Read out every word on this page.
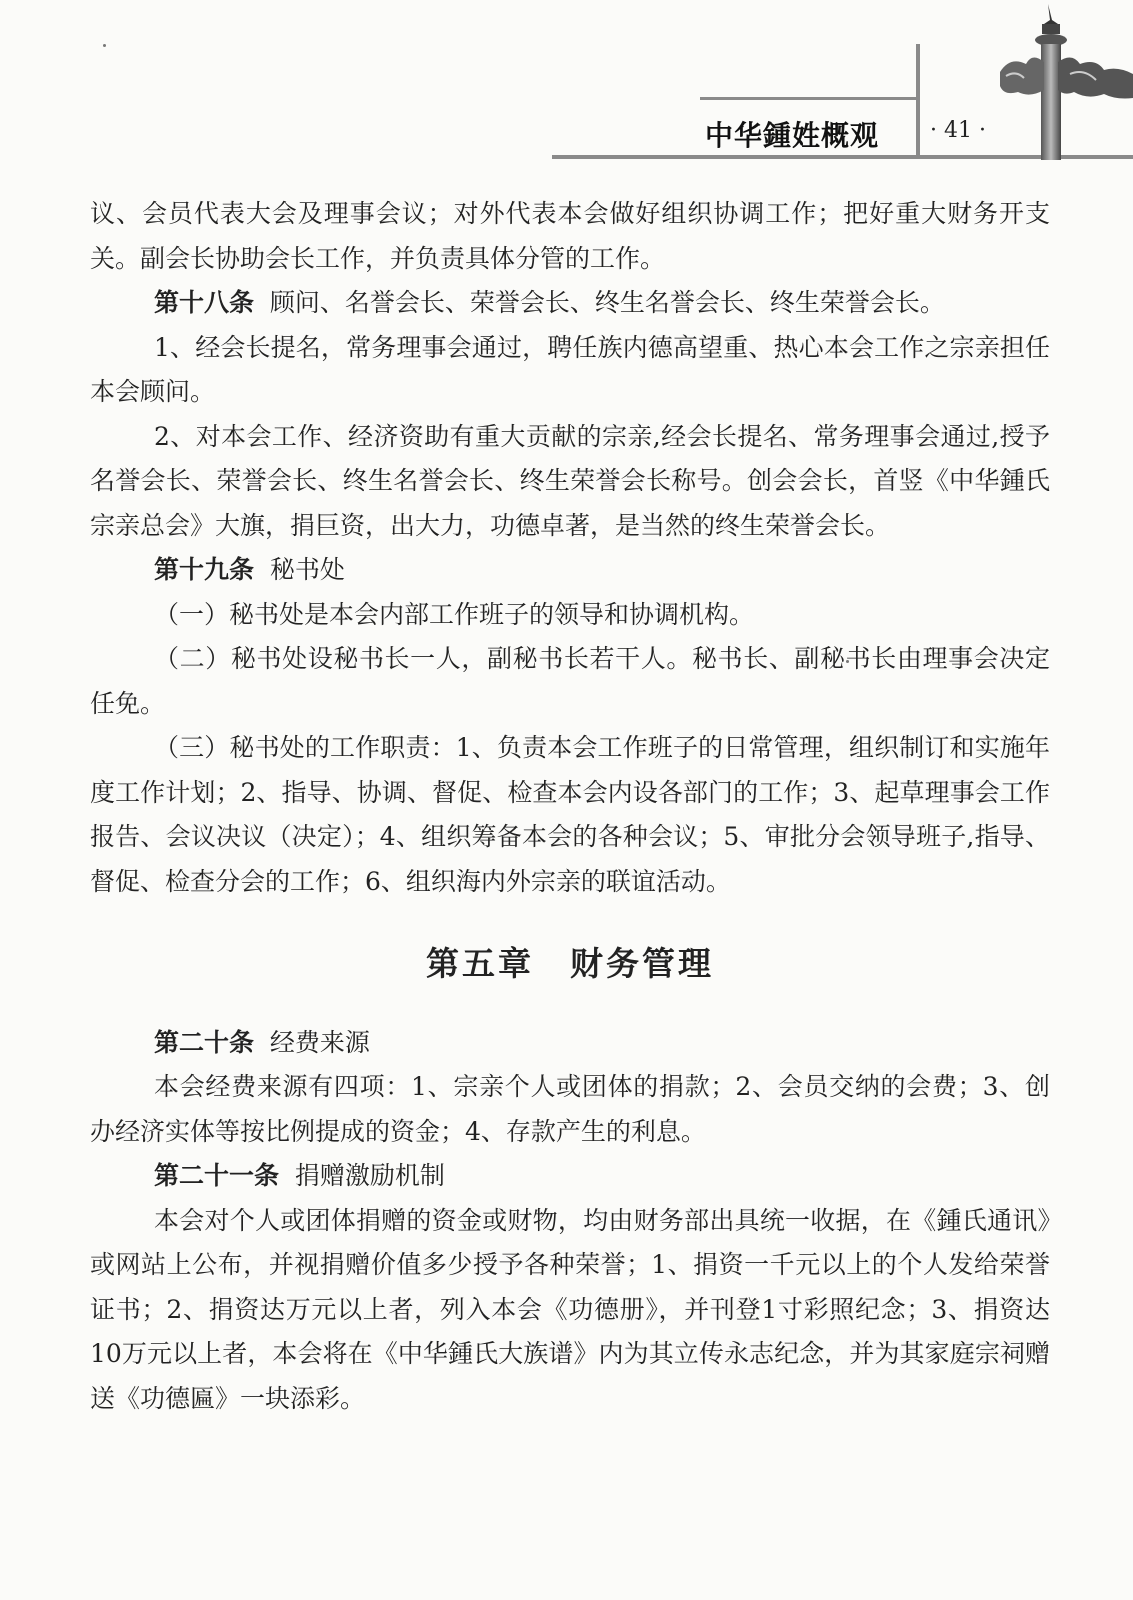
中华鍾姓概观 · 41 ·

议、会员代表大会及理事会议；对外代表本会做好组织协调工作；把好重大财务开支关。副会长协助会长工作，并负责具体分管的工作。

第十八条 顾问、名誉会长、荣誉会长、终生名誉会长、终生荣誉会长。

1、经会长提名，常务理事会通过，聘任族内德高望重、热心本会工作之宗亲担任本会顾问。

2、对本会工作、经济资助有重大贡献的宗亲,经会长提名、常务理事会通过,授予名誉会长、荣誉会长、终生名誉会长、终生荣誉会长称号。创会会长，首竖《中华鍾氏宗亲总会》大旗，捐巨资，出大力，功德卓著，是当然的终生荣誉会长。

第十九条 秘书处

（一）秘书处是本会内部工作班子的领导和协调机构。

（二）秘书处设秘书长一人，副秘书长若干人。秘书长、副秘书长由理事会决定任免。

（三）秘书处的工作职责：1、负责本会工作班子的日常管理，组织制订和实施年度工作计划；2、指导、协调、督促、检查本会内设各部门的工作；3、起草理事会工作报告、会议决议（决定）；4、组织筹备本会的各种会议；5、审批分会领导班子,指导、督促、检查分会的工作；6、组织海内外宗亲的联谊活动。

第五章 财务管理

第二十条 经费来源

本会经费来源有四项：1、宗亲个人或团体的捐款；2、会员交纳的会费；3、创办经济实体等按比例提成的资金；4、存款产生的利息。

第二十一条 捐赠激励机制

本会对个人或团体捐赠的资金或财物，均由财务部出具统一收据，在《鍾氏通讯》或网站上公布，并视捐赠价值多少授予各种荣誉；1、捐资一千元以上的个人发给荣誉证书；2、捐资达万元以上者，列入本会《功德册》，并刊登1寸彩照纪念；3、捐资达10万元以上者，本会将在《中华鍾氏大族谱》内为其立传永志纪念，并为其家庭宗祠赠送《功德匾》一块添彩。
